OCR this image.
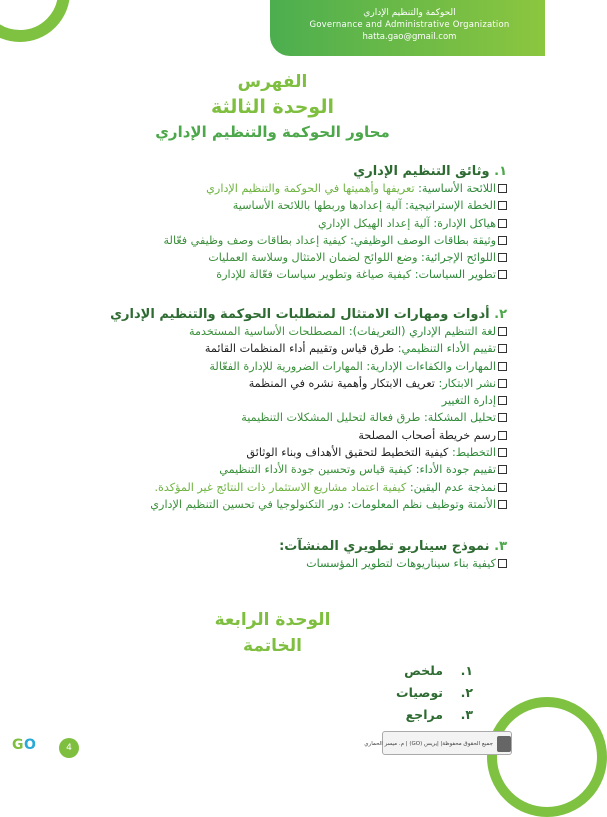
الحوكمة والتنظيم الإداري
Governance and Administrative Organization
hatta.gao@gmail.com
الفهرس
الوحدة الثالثة
محاور الحوكمة والتنظيم الإداري
١. وثائق التنظيم الإداري
اللائحة الأساسية: تعريفها وأهميتها في الحوكمة والتنظيم الإداري
الخطة الإستراتيجية: آلية إعدادها وربطها باللائحة الأساسية
هياكل الإدارة: آلية إعداد الهيكل الإداري
وثيقة بطاقات الوصف الوظيفي: كيفية إعداد بطاقات وصف وظيفي فعّالة
اللوائح الإجرائية: وضع اللوائح لضمان الامتثال وسلاسة العمليات
تطوير السياسات: كيفية صياغة وتطوير سياسات فعّالة للإدارة
٢. أدوات ومهارات الامتثال لمتطلبات الحوكمة والتنظيم الإداري
لغة التنظيم الإداري (التعريفات): المصطلحات الأساسية المستخدمة
تقييم الأداء التنظيمي: طرق قياس وتقييم أداء المنظمات القائمة
المهارات والكفاءات الإدارية: المهارات الضرورية للإدارة الفعّالة
نشر الابتكار: تعريف الابتكار وأهمية نشره في المنظمة
إدارة التغيير
تحليل المشكلة: طرق فعالة لتحليل المشكلات التنظيمية
رسم خريطة أصحاب المصلحة
التخطيط: كيفية التخطيط لتحقيق الأهداف وبناء الوثائق
تقييم جودة الأداء: كيفية قياس وتحسين جودة الأداء التنظيمي
نمذجة عدم اليقين: كيفية اعتماد مشاريع الاستثمار ذات النتائج غير المؤكدة.
الأتمتة وتوظيف نظم المعلومات: دور التكنولوجيا في تحسين التنظيم الإداري
٣. نموذج سيناريو تطويري المنشآت:
كيفية بناء سيناريوهات لتطوير المؤسسات
الوحدة الرابعة
الخاتمة
١.ملخص
٢.توصيات
٣.مراجع
GO	4	جميع الحقوق محفوظة| إيريس (GO) | م. ميسر الحماري
